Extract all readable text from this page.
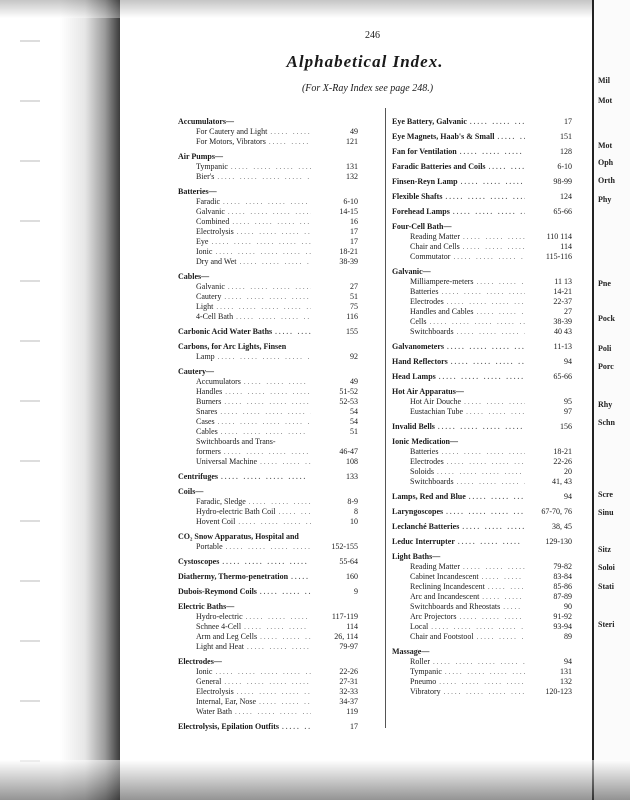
246
Alphabetical Index.
(For X-Ray Index see page 248.)
Accumulators—
For Cautery and Light .....	49
For Motors, Vibrators .....	121
Air Pumps—
Tympanic .....	131
Bier's .....	132
Batteries—
Faradic .....	6-10
Galvanic .....	14-15
Combined .....	16
Electrolysis .....	17
Eye .....	17
Ionic .....	18-21
Dry and Wet .....	38-39
Cables—
Galvanic .....	27
Cautery .....	51
Light .....	75
4-Cell Bath .....	116
Carbonic Acid Water Baths .....	155
Carbons, for Arc Lights, Finsen
Lamp .....	92
Cautery—
Accumulators .....	49
Handles .....	51-52
Burners .....	52-53
Snares .....	54
Cases .....	54
Cables .....	51
Switchboards and Trans-
formers .....	46-47
Universal Machine .....	108
Centrifuges .....	133
Coils—
Faradic, Sledge .....	8-9
Hydro-electric Bath Coil .....	8
Hovent Coil .....	10
CO₂ Snow Apparatus, Hospital and
Portable .....	152-155
Cystoscopes .....	55-64
Diathermy, Thermo-penetration .....	160
Dubois-Reymond Coils .....	9
Electric Baths—
Hydro-electric .....	117-119
Schnee 4-Cell .....	114
Arm and Leg Cells .....	26, 114
Light and Heat .....	79-97
Electrodes—
Ionic .....	22-26
General .....	27-31
Electrolysis .....	32-33
Internal, Ear, Nose .....	34-37
Water Bath .....	119
Electrolysis, Epilation Outfits .....	17
Eye Battery, Galvanic .....	17
Eye Magnets, Haab's & Small .....	151
Fan for Ventilation .....	128
Faradic Batteries and Coils .....	6-10
Finsen-Reyn Lamp .....	98-99
Flexible Shafts .....	124
Forehead Lamps .....	65-66
Four-Cell Bath—
Reading Matter .....	110 114
Chair and Cells .....	114
Commutator .....	115-116
Galvanic—
Milliampere-meters .....	11 13
Batteries .....	14-21
Electrodes .....	22-37
Handles and Cables .....	27
Cells .....	38-39
Switchboards .....	40 43
Galvanometers .....	11-13
Hand Reflectors .....	94
Head Lamps .....	65-66
Hot Air Apparatus—
Hot Air Douche .....	95
Eustachian Tube .....	97
Invalid Bells .....	156
Ionic Medication—
Batteries .....	18-21
Electrodes .....	22-26
Soloids .....	20
Switchboards .....	41, 43
Lamps, Red and Blue .....	94
Laryngoscopes .....	67-70, 76
Leclanché Batteries .....	38, 45
Leduc Interrupter .....	129-130
Light Baths—
Reading Matter .....	79-82
Cabinet Incandescent .....	83-84
Reclining Incandescent .....	85-86
Arc and Incandescent .....	87-89
Switchboards and Rheostats .....	90
Arc Projectors .....	91-92
Local .....	93-94
Chair and Footstool .....	89
Massage—
Roller .....	94
Tympanic .....	131
Pneumo .....	132
Vibratory .....	120-123
Mil
Mot
Mot
Oph
Orth
Phy
Pne
Pock
Poli
Porc
Rhy
Schn
Scre
Sinu
Sitz
Soloi
Stati
Steri
